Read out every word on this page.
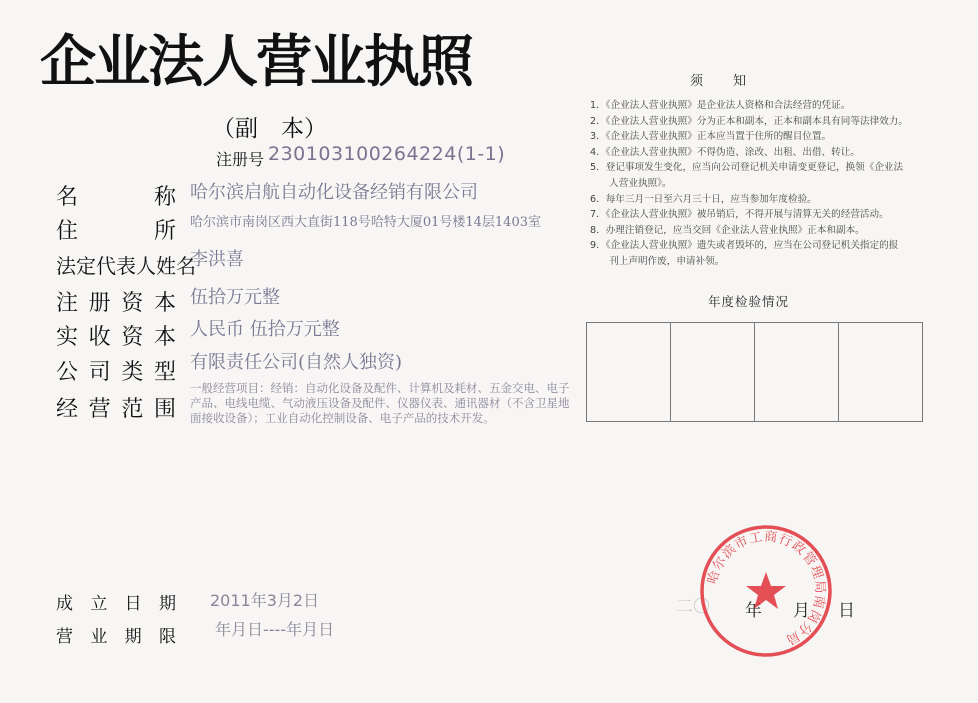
企业法人营业执照
（副　本）
注册号 230103100264224(1-1)
名	称 哈尔滨启航自动化设备经销有限公司
住	所 哈尔滨市南岗区西大直街118号哈特大厦01号楼14层1403室
法定代表人姓名
李洪喜
注 册 资 本 伍拾万元整
实 收 资 本 人民币 伍拾万元整
公 司 类 型 有限责任公司(自然人独资)
经 营 范 围
一般经营项目：经销：自动化设备及配件、计算机及耗材、五金交电、电子产品、电线电缆、气动液压设备及配件、仪器仪表、通讯器材（不含卫星地面接收设备）；工业自动化控制设备、电子产品的技术开发。
须知
1．《企业法人营业执照》是企业法人资格和合法经营的凭证。
2．《企业法人营业执照》分为正本和副本，正本和副本具有同等法律效力。
3．《企业法人营业执照》正本应当置于住所的醒目位置。
4．《企业法人营业执照》不得伪造、涂改、出租、出借、转让。
5．登记事项发生变化，应当向公司登记机关申请变更登记，换领《企业法
　　人营业执照》。
6．每年三月一日至六月三十日，应当参加年度检验。
7．《企业法人营业执照》被吊销后，不得开展与清算无关的经营活动。
8．办理注销登记，应当交回《企业法人营业执照》正本和副本。
9．《企业法人营业执照》遗失或者毁坏的，应当在公司登记机关指定的报
　　刊上声明作废，申请补领。
年度检验情况
成 立 日 期 2011年3月2日
营 业 期 限 年月日----年月日
二〇 年 月 日
哈尔滨市工商行政管理局南岗分局
